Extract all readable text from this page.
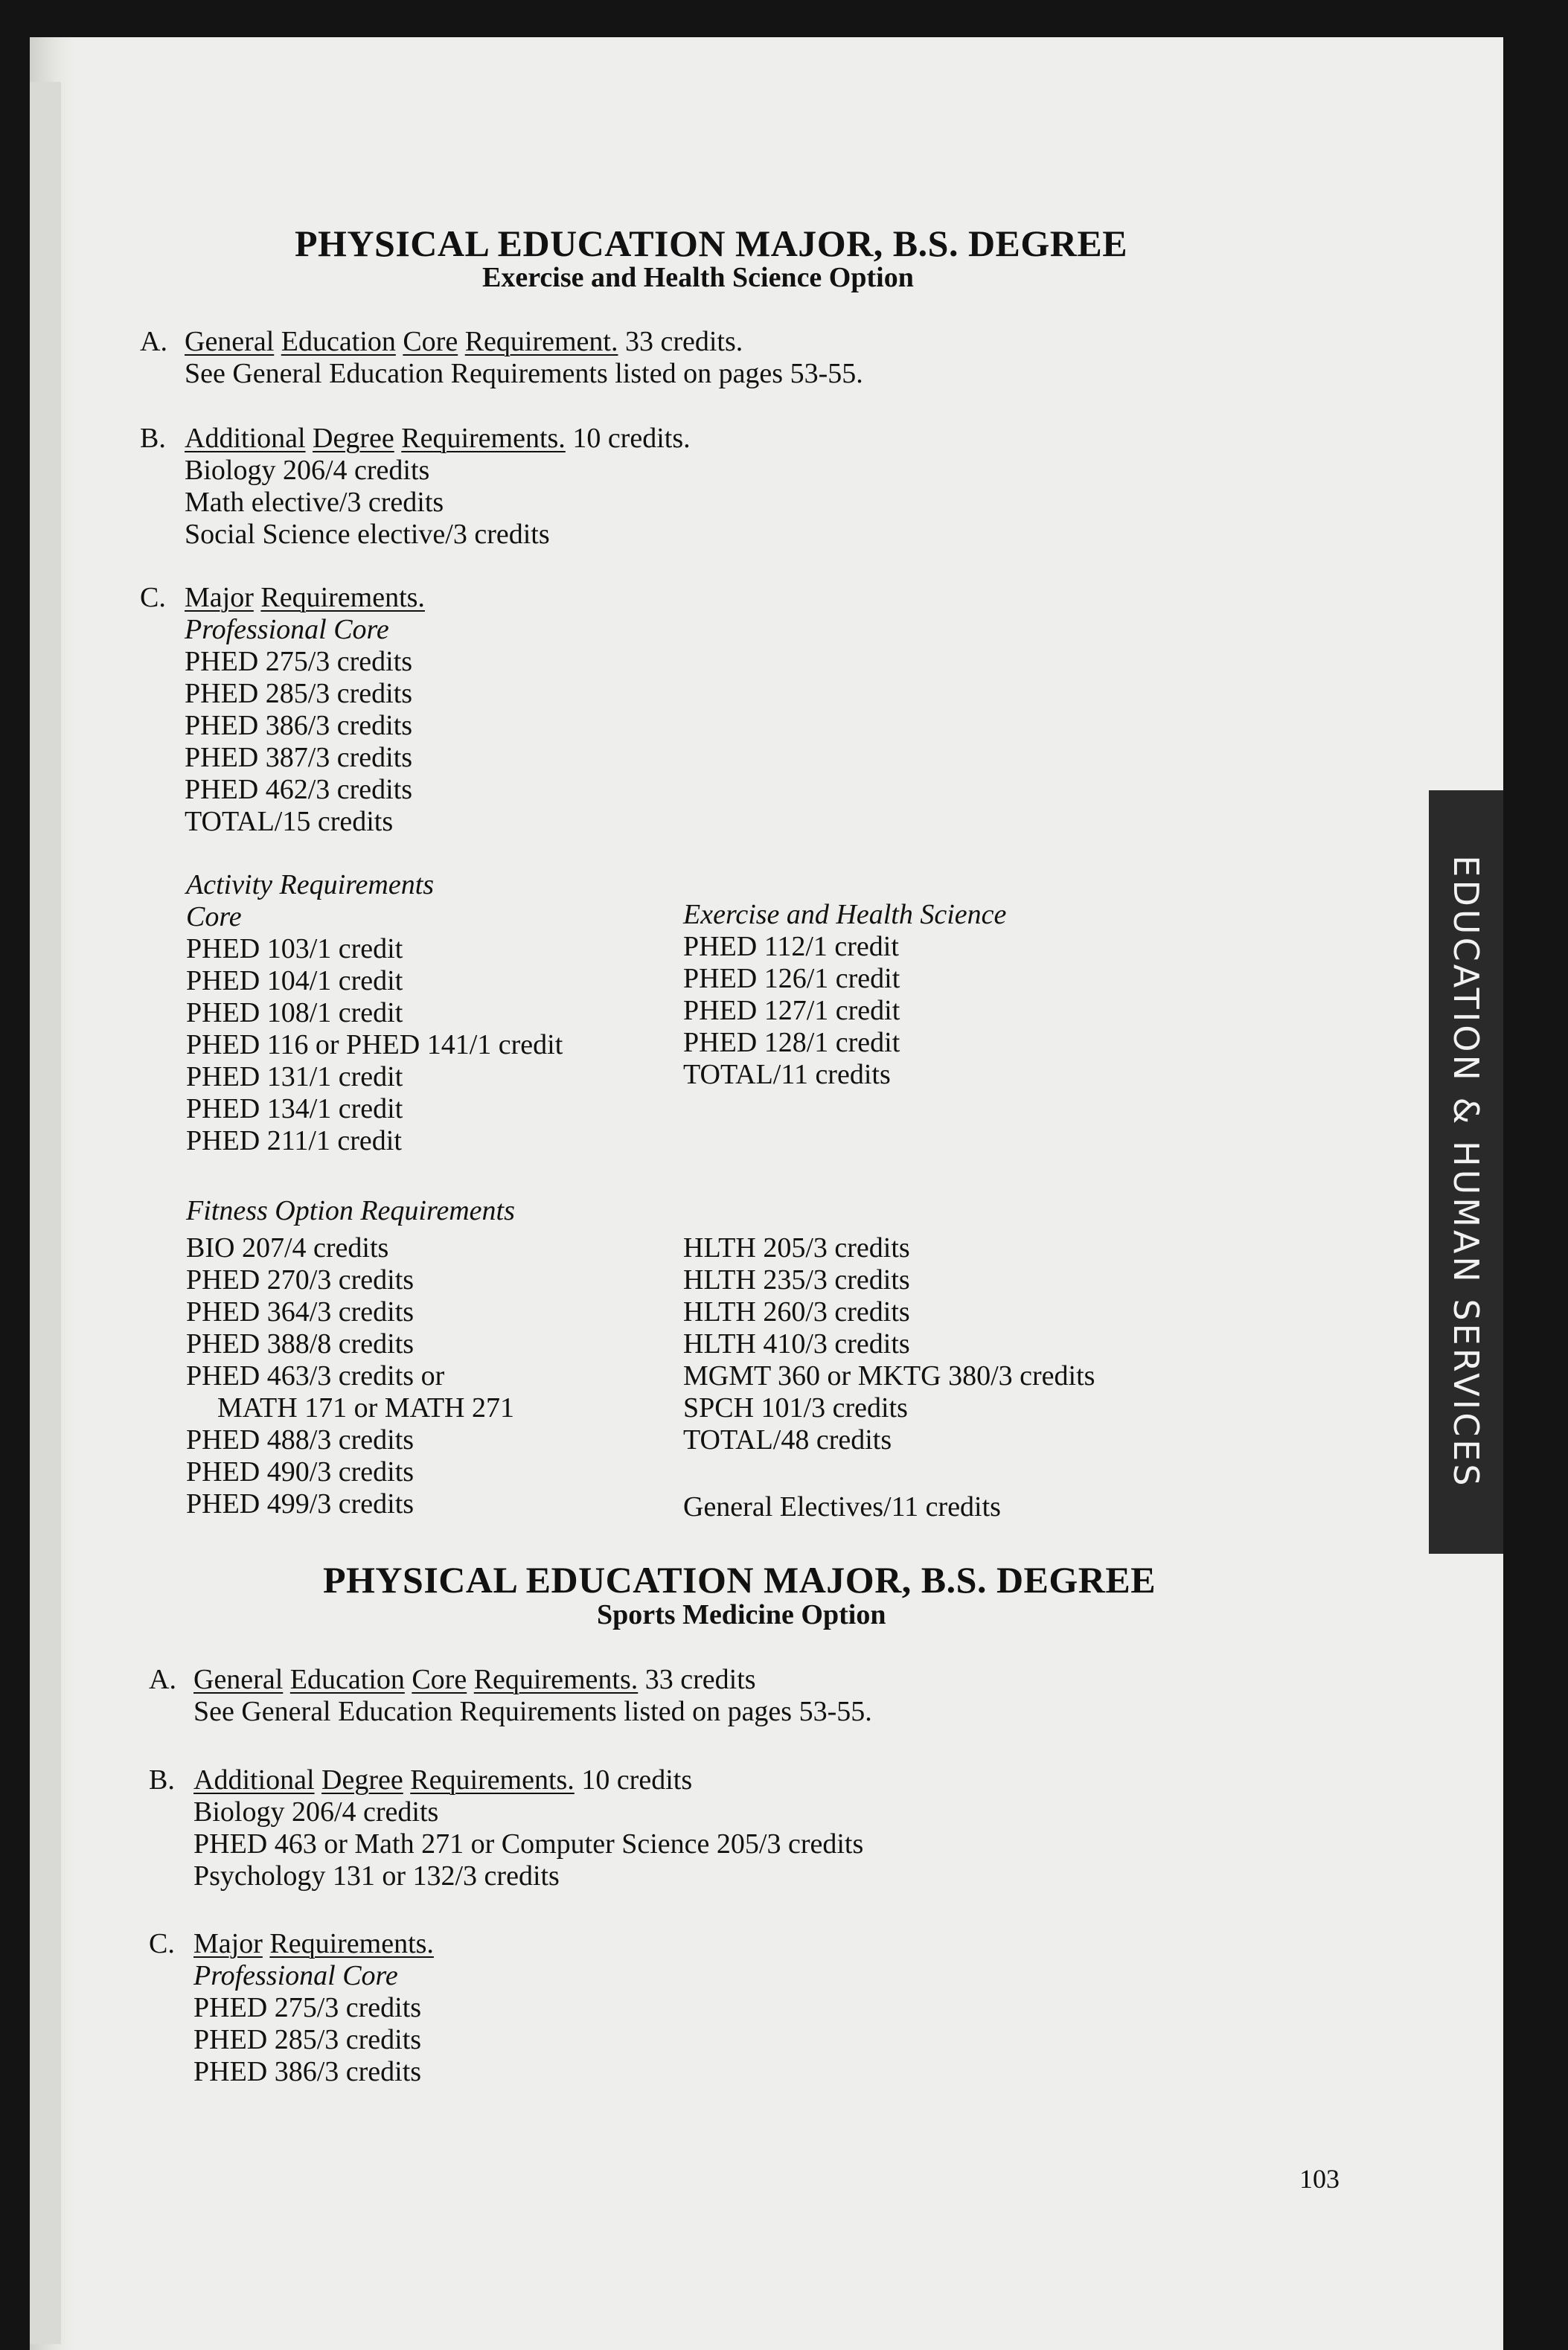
PHYSICAL EDUCATION MAJOR, B.S. DEGREE
Exercise and Health Science Option
A. General Education Core Requirement. 33 credits.
See General Education Requirements listed on pages 53-55.
B. Additional Degree Requirements. 10 credits.
Biology 206/4 credits
Math elective/3 credits
Social Science elective/3 credits
C. Major Requirements.
Professional Core
PHED 275/3 credits
PHED 285/3 credits
PHED 386/3 credits
PHED 387/3 credits
PHED 462/3 credits
TOTAL/15 credits
Activity Requirements
Core	Exercise and Health Science
PHED 103/1 credit
PHED 104/1 credit
PHED 108/1 credit
PHED 116 or PHED 141/1 credit
PHED 131/1 credit
PHED 134/1 credit
PHED 211/1 credit
PHED 112/1 credit
PHED 126/1 credit
PHED 127/1 credit
PHED 128/1 credit
TOTAL/11 credits
Fitness Option Requirements
BIO 207/4 credits
PHED 270/3 credits
PHED 364/3 credits
PHED 388/8 credits
PHED 463/3 credits or
MATH 171 or MATH 271
PHED 488/3 credits
PHED 490/3 credits
PHED 499/3 credits
HLTH 205/3 credits
HLTH 235/3 credits
HLTH 260/3 credits
HLTH 410/3 credits
MGMT 360 or MKTG 380/3 credits
SPCH 101/3 credits
TOTAL/48 credits
General Electives/11 credits
PHYSICAL EDUCATION MAJOR, B.S. DEGREE
Sports Medicine Option
A. General Education Core Requirements. 33 credits
See General Education Requirements listed on pages 53-55.
B. Additional Degree Requirements. 10 credits
Biology 206/4 credits
PHED 463 or Math 271 or Computer Science 205/3 credits
Psychology 131 or 132/3 credits
C. Major Requirements.
Professional Core
PHED 275/3 credits
PHED 285/3 credits
PHED 386/3 credits
EDUCATION & HUMAN SERVICES
103
